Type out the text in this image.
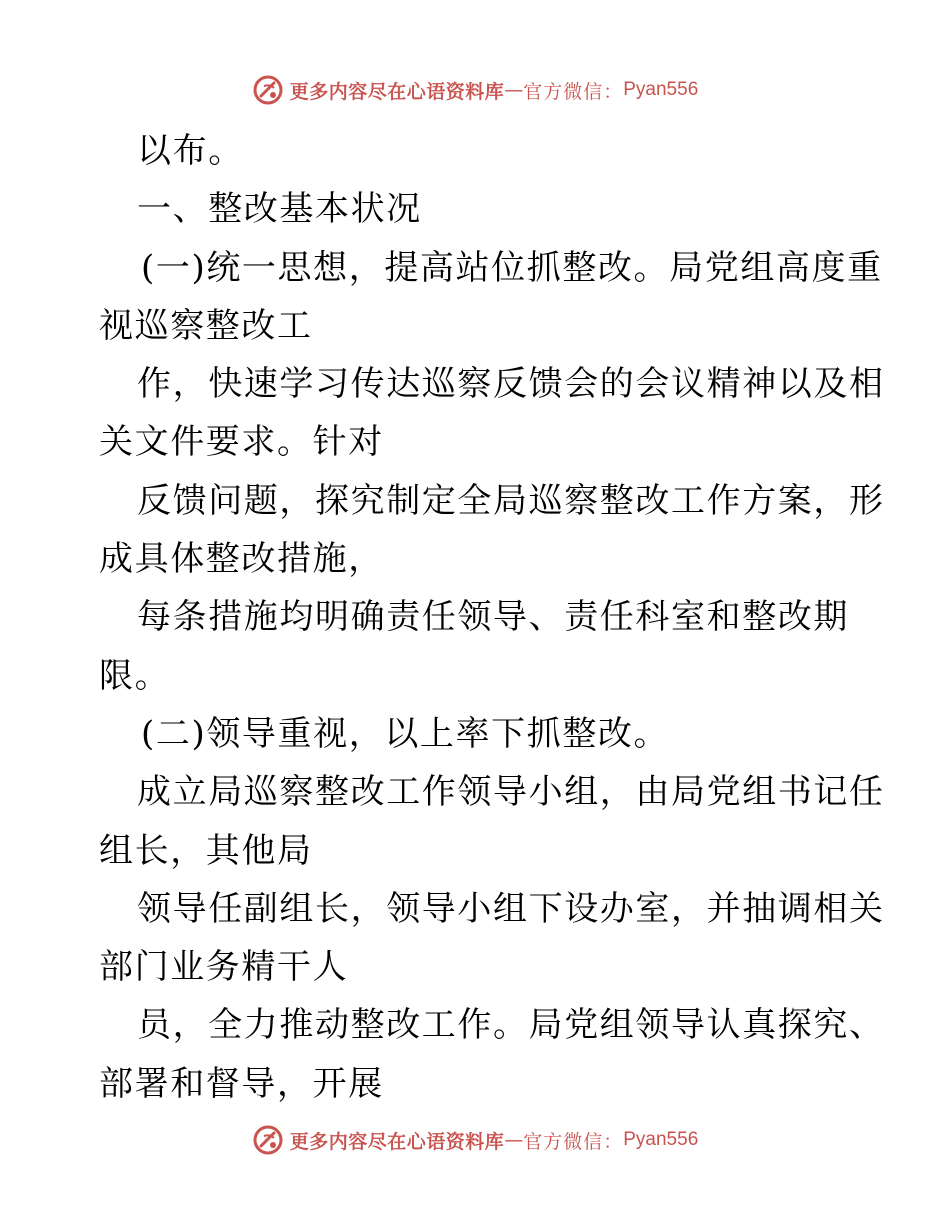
更多内容尽在心语资料库 — 官方微信： Pyan556
以布。
一、整改基本状况
(一)统一思想，提高站位抓整改。局党组高度重
视巡察整改工
作，快速学习传达巡察反馈会的会议精神以及相
关文件要求。针对
反馈问题，探究制定全局巡察整改工作方案，形
成具体整改措施，
每条措施均明确责任领导、责任科室和整改期
限。
(二)领导重视，以上率下抓整改。
成立局巡察整改工作领导小组，由局党组书记任
组长，其他局
领导任副组长，领导小组下设办室，并抽调相关
部门业务精干人
员，全力推动整改工作。局党组领导认真探究、
部署和督导，开展
更多内容尽在心语资料库 — 官方微信： Pyan556
